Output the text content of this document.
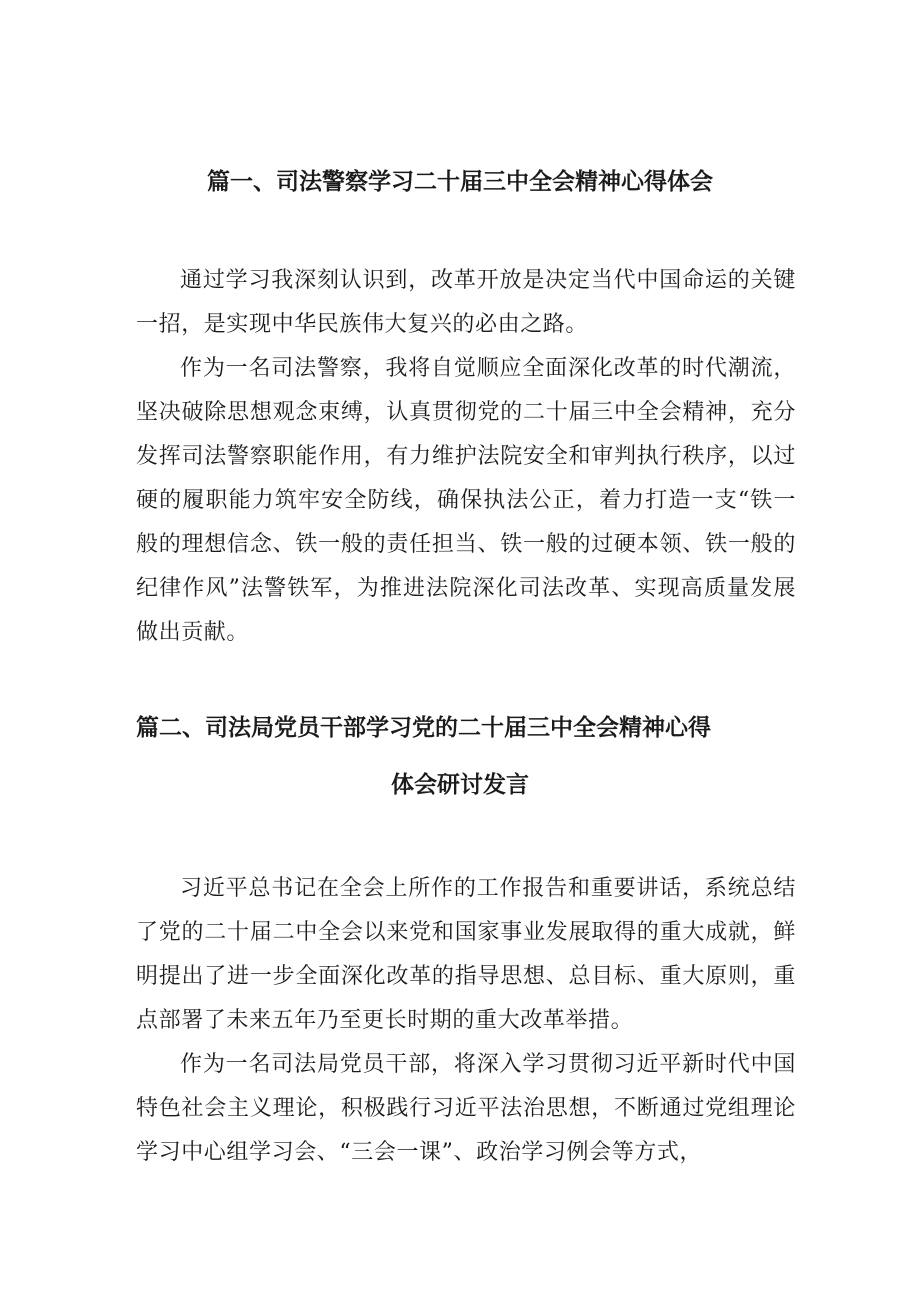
篇一、司法警察学习二十届三中全会精神心得体会

通过学习我深刻认识到，改革开放是决定当代中国命运的关键一招，是实现中华民族伟大复兴的必由之路。

作为一名司法警察，我将自觉顺应全面深化改革的时代潮流，坚决破除思想观念束缚，认真贯彻党的二十届三中全会精神，充分发挥司法警察职能作用，有力维护法院安全和审判执行秩序，以过硬的履职能力筑牢安全防线，确保执法公正，着力打造一支“铁一般的理想信念、铁一般的责任担当、铁一般的过硬本领、铁一般的纪律作风”法警铁军，为推进法院深化司法改革、实现高质量发展做出贡献。

篇二、司法局党员干部学习党的二十届三中全会精神心得
体会研讨发言

习近平总书记在全会上所作的工作报告和重要讲话，系统总结了党的二十届二中全会以来党和国家事业发展取得的重大成就，鲜明提出了进一步全面深化改革的指导思想、总目标、重大原则，重点部署了未来五年乃至更长时期的重大改革举措。

作为一名司法局党员干部，将深入学习贯彻习近平新时代中国特色社会主义理论，积极践行习近平法治思想，不断通过党组理论学习中心组学习会、“三会一课”、政治学习例会等方式，
